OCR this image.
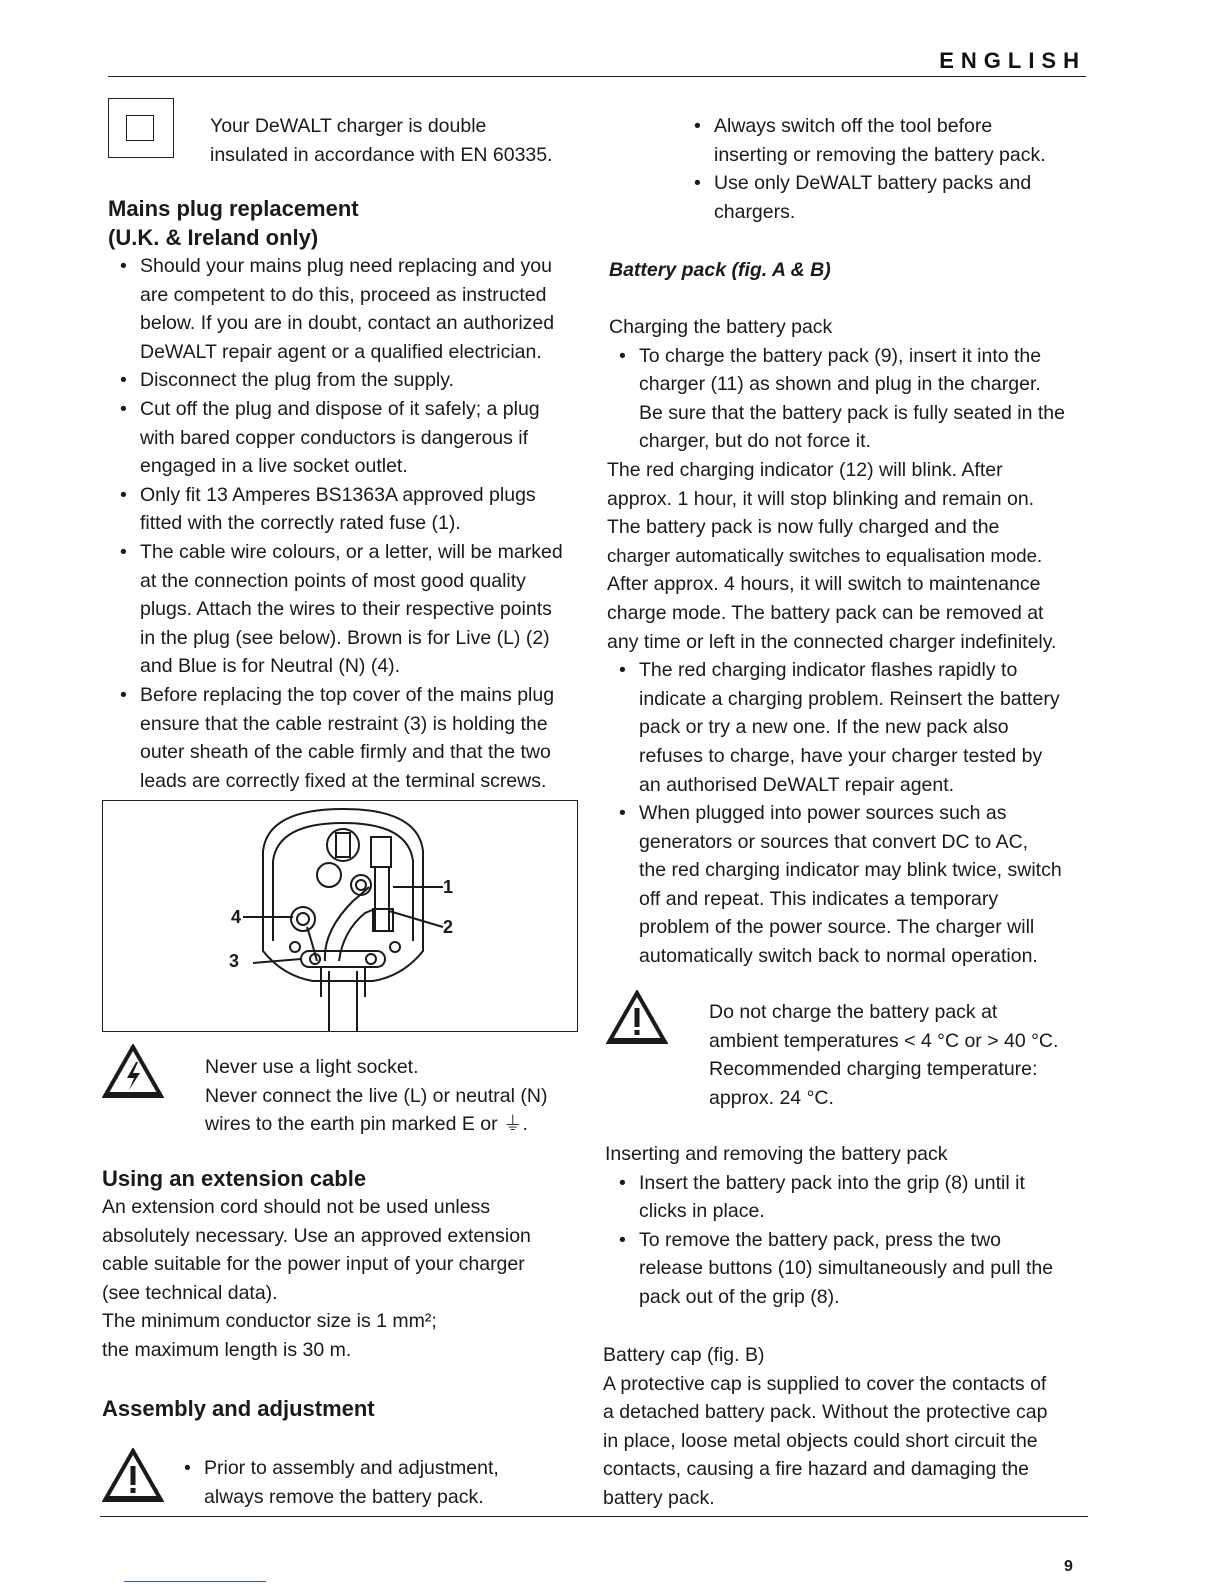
ENGLISH

Your DeWALT charger is double

insulated in accordance with EN 60335.

Mains plug replacement

(U.K. & Ireland only)

• Should your mains plug need replacing and you
are competent to do this, proceed as instructed
below. If you are in doubt, contact an authorized
DeWALT repair agent or a qualified electrician.
• Disconnect the plug from the supply.
• Cut off the plug and dispose of it safely; a plug
with bared copper conductors is dangerous if
engaged in a live socket outlet.
• Only fit 13 Amperes BS1363A approved plugs
fitted with the correctly rated fuse (1).
• The cable wire colours, or a letter, will be marked
at the connection points of most good quality
plugs. Attach the wires to their respective points
in the plug (see below). Brown is for Live (L) (2)
and Blue is for Neutral (N) (4).
• Before replacing the top cover of the mains plug
ensure that the cable restraint (3) is holding the
outer sheath of the cable firmly and that the two
leads are correctly fixed at the terminal screws.
1
2
3
4

Never use a light socket.

Never connect the live (L) or neutral (N)

wires to the earth pin marked E or ⏚.

Using an extension cable

An extension cord should not be used unless

absolutely necessary. Use an approved extension

cable suitable for the power input of your charger

(see technical data).

The minimum conductor size is 1 mm²;

the maximum length is 30 m.

Assembly and adjustment

• Prior to assembly and adjustment,
always remove the battery pack.
• Always switch off the tool before
inserting or removing the battery pack.
• Use only DeWALT battery packs and
chargers.

Battery pack (fig. A & B)

Charging the battery pack

• To charge the battery pack (9), insert it into the
charger (11) as shown and plug in the charger.
Be sure that the battery pack is fully seated in the
charger, but do not force it.

The red charging indicator (12) will blink. After

approx. 1 hour, it will stop blinking and remain on.

The battery pack is now fully charged and the

charger automatically switches to equalisation mode.

After approx. 4 hours, it will switch to maintenance

charge mode. The battery pack can be removed at

any time or left in the connected charger indefinitely.

• The red charging indicator flashes rapidly to
indicate a charging problem. Reinsert the battery
pack or try a new one. If the new pack also
refuses to charge, have your charger tested by
an authorised DeWALT repair agent.
• When plugged into power sources such as
generators or sources that convert DC to AC,
the red charging indicator may blink twice, switch
off and repeat. This indicates a temporary
problem of the power source. The charger will
automatically switch back to normal operation.

Do not charge the battery pack at

ambient temperatures < 4 °C or > 40 °C.

Recommended charging temperature:

approx. 24 °C.

Inserting and removing the battery pack

• Insert the battery pack into the grip (8) until it
clicks in place.
• To remove the battery pack, press the two
release buttons (10) simultaneously and pull the
pack out of the grip (8).

Battery cap (fig. B)

A protective cap is supplied to cover the contacts of

a detached battery pack. Without the protective cap

in place, loose metal objects could short circuit the

contacts, causing a fire hazard and damaging the

battery pack.

9
